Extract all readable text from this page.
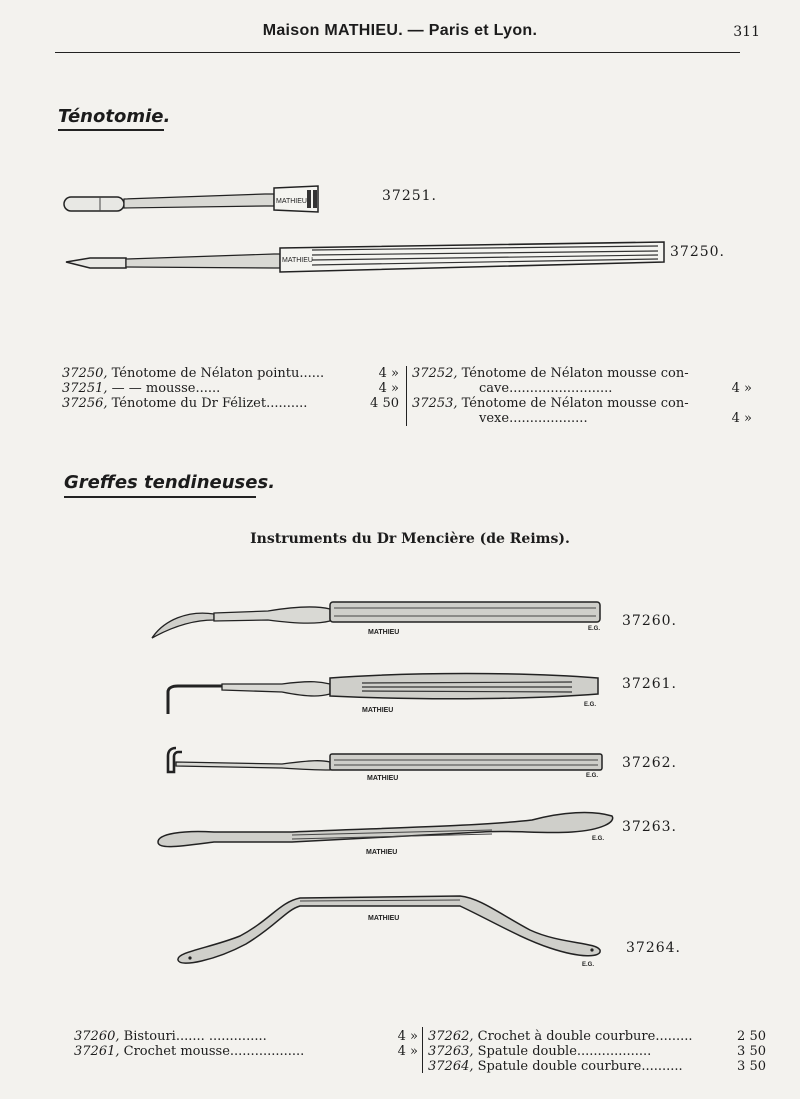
Maison MATHIEU. — Paris et Lyon.	311
Ténotomie.
MATHIEU	37251.
MATHIEU
37250.
37250, Ténotome de Nélaton pointu......	4 »
37251, — — mousse......	4 »
37256, Ténotome du Dr Félizet..........	4 50
37252, Ténotome de Nélaton mousse con-
cave.........................	4 »
37253, Ténotome de Nélaton mousse con-
vexe...................	4 »
Greffes tendineuses.
Instruments du Dr Mencière (de Reims).
MATHIEU	E.G. 37260.
MATHIEU
E.G.
37261.
MATHIEU	E.G.
37262.
MATHIEU
E.G.
37263.
MATHIEU
E.G.
37264.
37260, Bistouri....... ..............	4 »
37261, Crochet mousse..................	4 »
37262, Crochet à double courbure.........	2 50
37263, Spatule double..................	3 50
37264, Spatule double courbure..........	3 50
